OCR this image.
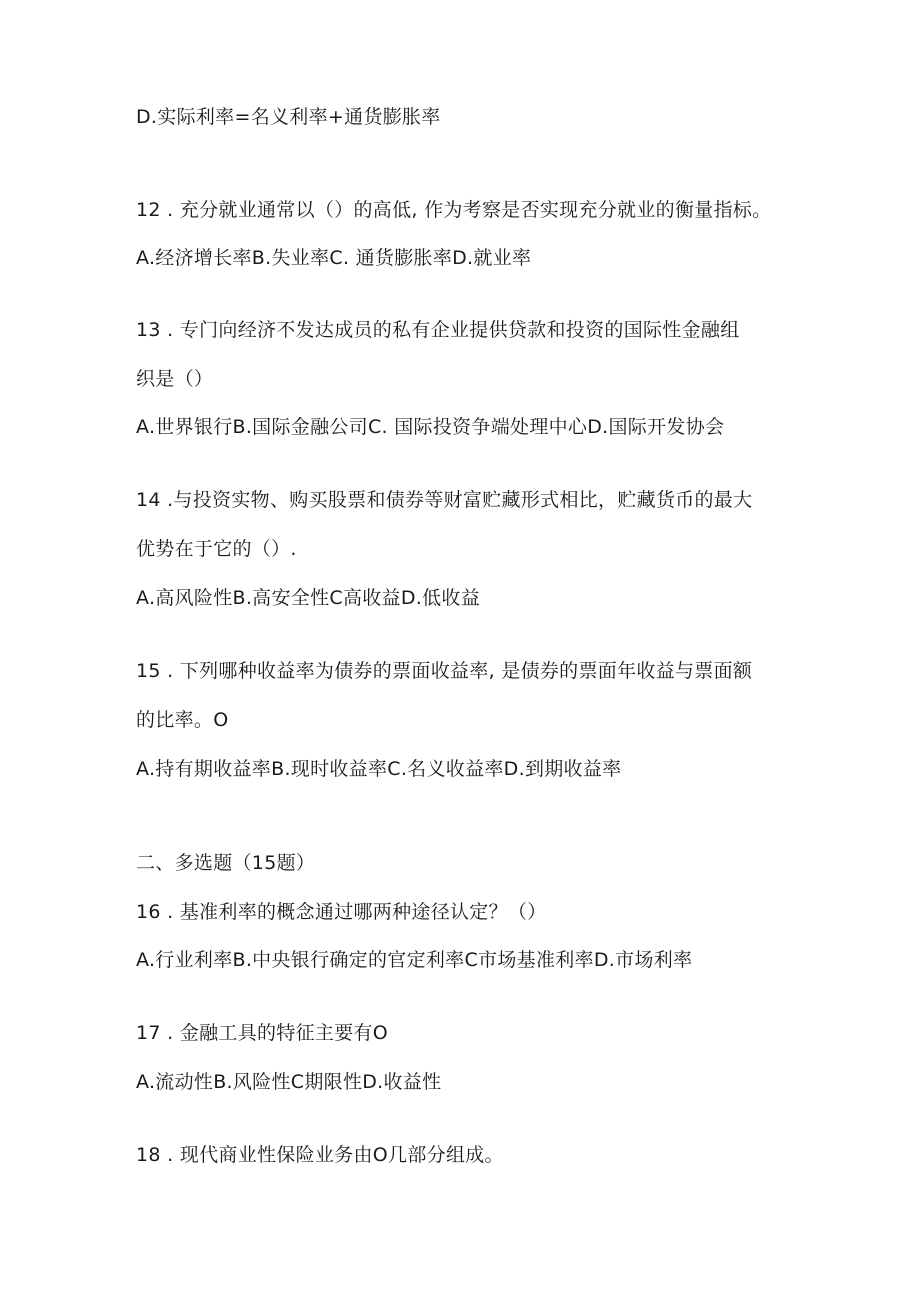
D.实际利率=名义利率+通货膨胀率
12 . 充分就业通常以（）的高低, 作为考察是否实现充分就业的衡量指标。
A.经济增长率B.失业率C. 通货膨胀率D.就业率
13 . 专门向经济不发达成员的私有企业提供贷款和投资的国际性金融组
织是（）
A.世界银行B.国际金融公司C. 国际投资争端处理中心D.国际开发协会
14 .与投资实物、购买股票和债券等财富贮藏形式相比，贮藏货币的最大
优势在于它的（）.
A.高风险性B.高安全性C高收益D.低收益
15 . 下列哪种收益率为债券的票面收益率, 是债券的票面年收益与票面额
的比率。O
A.持有期收益率B.现时收益率C.名义收益率D.到期收益率
二、多选题（15题）
16 . 基准利率的概念通过哪两种途径认定？（）
A.行业利率B.中央银行确定的官定利率C市场基准利率D.市场利率
17 . 金融工具的特征主要有O
A.流动性B.风险性C期限性D.收益性
18 . 现代商业性保险业务由O几部分组成。
